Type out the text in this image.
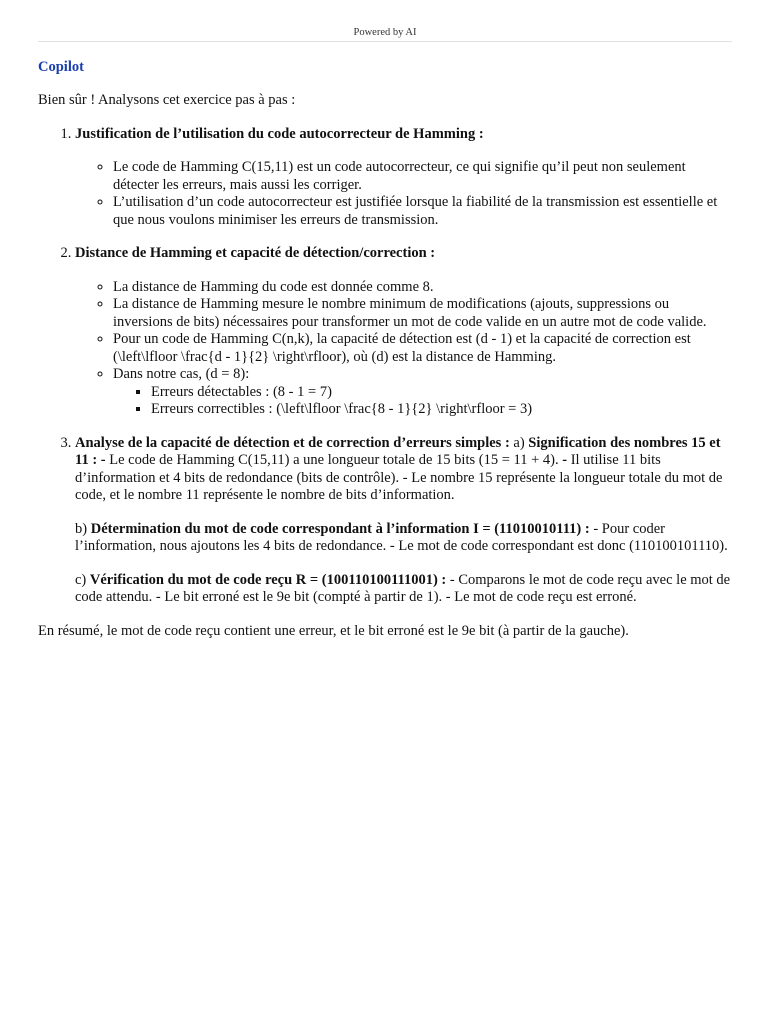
Powered by AI
Copilot

Bien sûr ! Analysons cet exercice pas à pas :

1. Justification de l’utilisation du code autocorrecteur de Hamming :
◦ Le code de Hamming C(15,11) est un code autocorrecteur, ce qui signifie qu’il peut non seulement détecter les erreurs, mais aussi les corriger.
◦ L’utilisation d’un code autocorrecteur est justifiée lorsque la fiabilité de la transmission est essentielle et que nous voulons minimiser les erreurs de transmission.
2. Distance de Hamming et capacité de détection/correction :
◦ La distance de Hamming du code est donnée comme 8.
◦ La distance de Hamming mesure le nombre minimum de modifications (ajouts, suppressions ou inversions de bits) nécessaires pour transformer un mot de code valide en un autre mot de code valide.
◦ Pour un code de Hamming C(n,k), la capacité de détection est (d - 1) et la capacité de correction est (\left\lfloor \frac{d - 1}{2} \right\rfloor), où (d) est la distance de Hamming.
◦ Dans notre cas, (d = 8):
▪ Erreurs détectables : (8 - 1 = 7)
▪ Erreurs correctibles : (\left\lfloor \frac{8 - 1}{2} \right\rfloor = 3)

3. Analyse de la capacité de détection et de correction d’erreurs simples : a) Signification des nombres 15 et 11 : - Le code de Hamming C(15,11) a une longueur totale de 15 bits (15 = 11 + 4). - Il utilise 11 bits d’information et 4 bits de redondance (bits de contrôle). - Le nombre 15 représente la longueur totale du mot de code, et le nombre 11 représente le nombre de bits d’information.

b) Détermination du mot de code correspondant à l’information I = (11010010111) : - Pour coder l’information, nous ajoutons les 4 bits de redondance. - Le mot de code correspondant est donc (110100101110).

c) Vérification du mot de code reçu R = (100110100111001) : - Comparons le mot de code reçu avec le mot de code attendu. - Le bit erroné est le 9e bit (compté à partir de 1). - Le mot de code reçu est erroné.

En résumé, le mot de code reçu contient une erreur, et le bit erroné est le 9e bit (à partir de la gauche).
